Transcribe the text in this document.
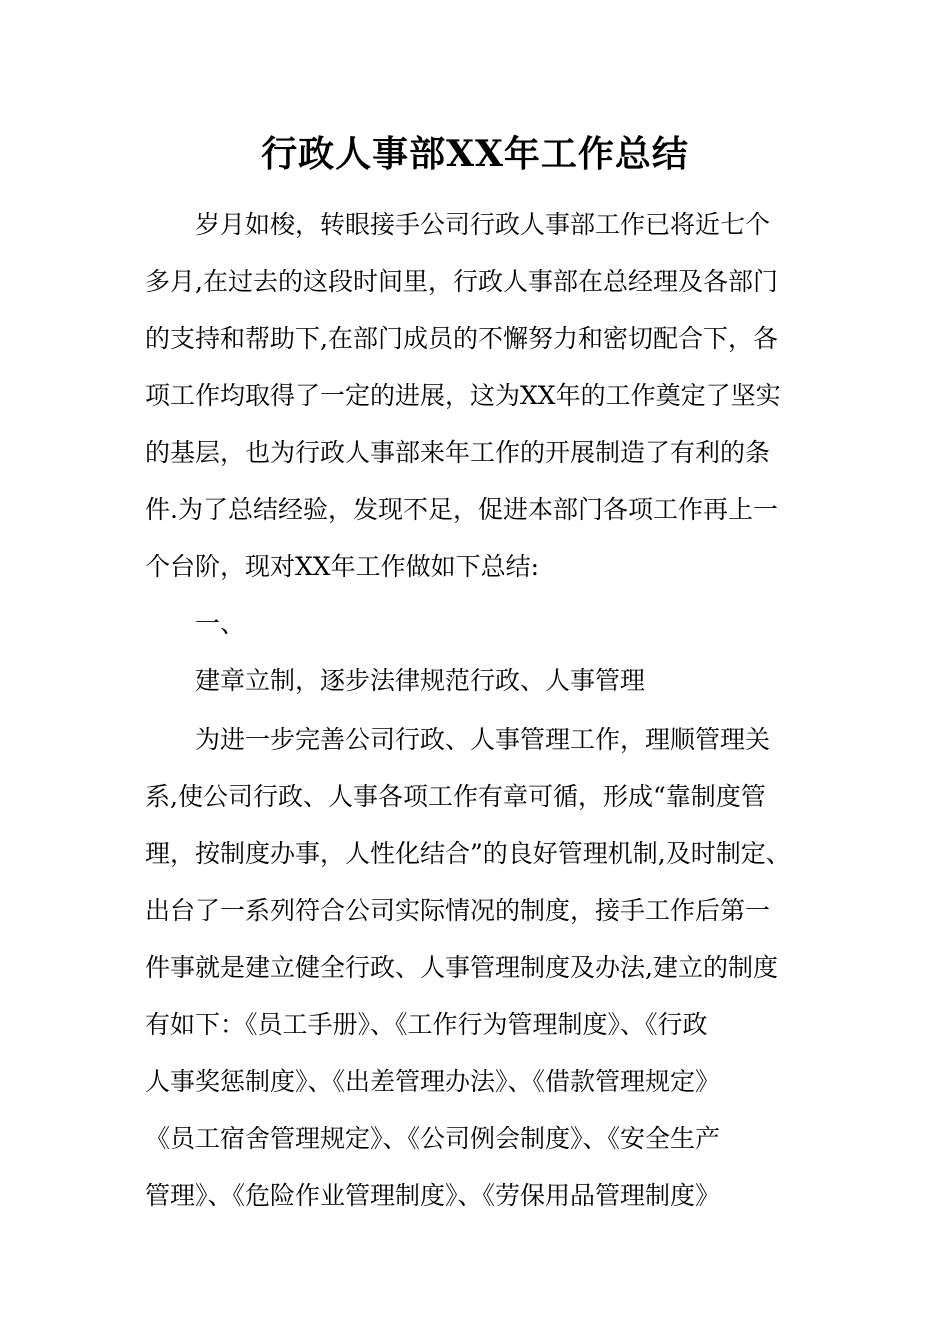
行政人事部XX年工作总结
　　岁月如梭，转眼接手公司行政人事部工作已将近七个
多月,在过去的这段时间里，行政人事部在总经理及各部门
的支持和帮助下,在部门成员的不懈努力和密切配合下，各
项工作均取得了一定的进展，这为XX年的工作奠定了坚实
的基层，也为行政人事部来年工作的开展制造了有利的条
件.为了总结经验，发现不足，促进本部门各项工作再上一
个台阶，现对XX年工作做如下总结:
　　一、
　　建章立制，逐步法律规范行政、人事管理
　　为进一步完善公司行政、人事管理工作，理顺管理关
系,使公司行政、人事各项工作有章可循，形成“靠制度管
理，按制度办事，人性化结合”的良好管理机制,及时制定、
出台了一系列符合公司实际情况的制度，接手工作后第一
件事就是建立健全行政、人事管理制度及办法,建立的制度
有如下：《员工手册》、《工作行为管理制度》、《行政
人事奖惩制度》、《出差管理办法》、《借款管理规定》
《员工宿舍管理规定》、《公司例会制度》、《安全生产
管理》、《危险作业管理制度》、《劳保用品管理制度》
